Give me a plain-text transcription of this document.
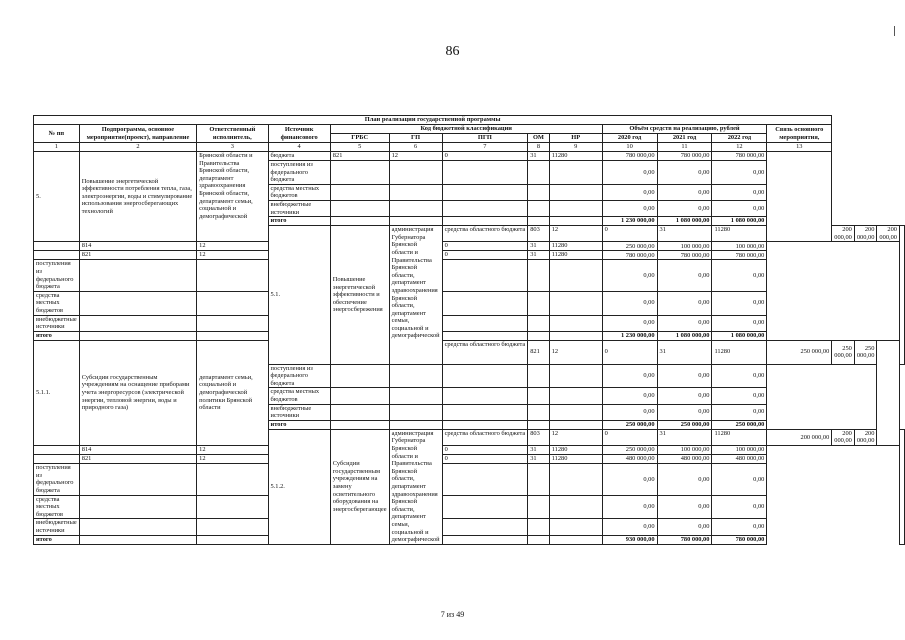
86
План реализации государственной программы																
№ пп	Подпрограмма, основное мероприятие(проект), направление	Ответственный исполнитель,	Источник финансового	Код бюджетной классификации					Объём средств на реализацию, рублей			Связь основного мероприятия,				
				ГРБС	ГП	ПГП	ОМ	НР	2020 год	2021 год	2022 год					
1	2	3	4	5	6	7	8	9	10	11	12	13				
5.	Повышение энергетической эффективности потребления тепла, газа, электроэнергии, воды и стимулирование использования энергосберегающих технологий	Брянской области и Правительства Брянской области, департамент здравоохранения Брянской области, департамент семьи, социальной и демографической	бюджета	821	12	0	31	11280	780 000,00	780 000,00	780 000,00					
			поступления из федерального бюджета						0,00	0,00	0,00					
			средства местных бюджетов						0,00	0,00	0,00					
			внебюджетные источники						0,00	0,00	0,00					
			итого						1 230 000,00	1 080 000,00	1 080 000,00					
			5.1.	Повышение энергетической эффективности и обеспечение энергосбережения	администрация Губернатора Брянской области и Правительства Брянской области, департамент здравоохранения Брянской области, департамент семьи, социальной и демографической	средства областного бюджета	803	12	0	31	11280		200 000,00	200 000,00	200 000,00	
	814	12				0	31	11280	250 000,00	100 000,00	100 000,00					
	821	12				0	31	11280	780 000,00	780 000,00	780 000,00					
поступления из федерального бюджета									0,00	0,00	0,00					
средства местных бюджетов									0,00	0,00	0,00					
внебюджетные источники									0,00	0,00	0,00					
итого									1 230 000,00	1 080 000,00	1 080 000,00					
5.1.1.	Субсидии государственным учреждениям на оснащение приборами учета энергоресурсов (электрической энергии, тепловой энергии, воды и природного газа)	департамент семьи, социальной и демографической политики Брянской области				средства областного бюджета	821	12	0	31	11280	250 000,00	250 000,00	250 000,00		
			поступления из федерального бюджета						0,00	0,00	0,00					
			средства местных бюджетов						0,00	0,00	0,00					
			внебюджетные источники						0,00	0,00	0,00					
			итого						250 000,00	250 000,00	250 000,00					
			5.1.2.	Субсидии государственным учреждениям на замену осветительного оборудования на энергосберегающее	администрация Губернатора Брянской области и Правительства Брянской области, департамент здравоохранения Брянской области, департамент семьи, социальной и демографической	средства областного бюджета	803	12	0	31	11280	200 000,00	200 000,00	200 000,00		
	814	12				0	31	11280	250 000,00	100 000,00	100 000,00					
	821	12				0	31	11280	480 000,00	480 000,00	480 000,00					
поступления из федерального бюджета									0,00	0,00	0,00					
средства местных бюджетов									0,00	0,00	0,00					
внебюджетные источники									0,00	0,00	0,00					
итого									930 000,00	780 000,00	780 000,00					
7 из 49
